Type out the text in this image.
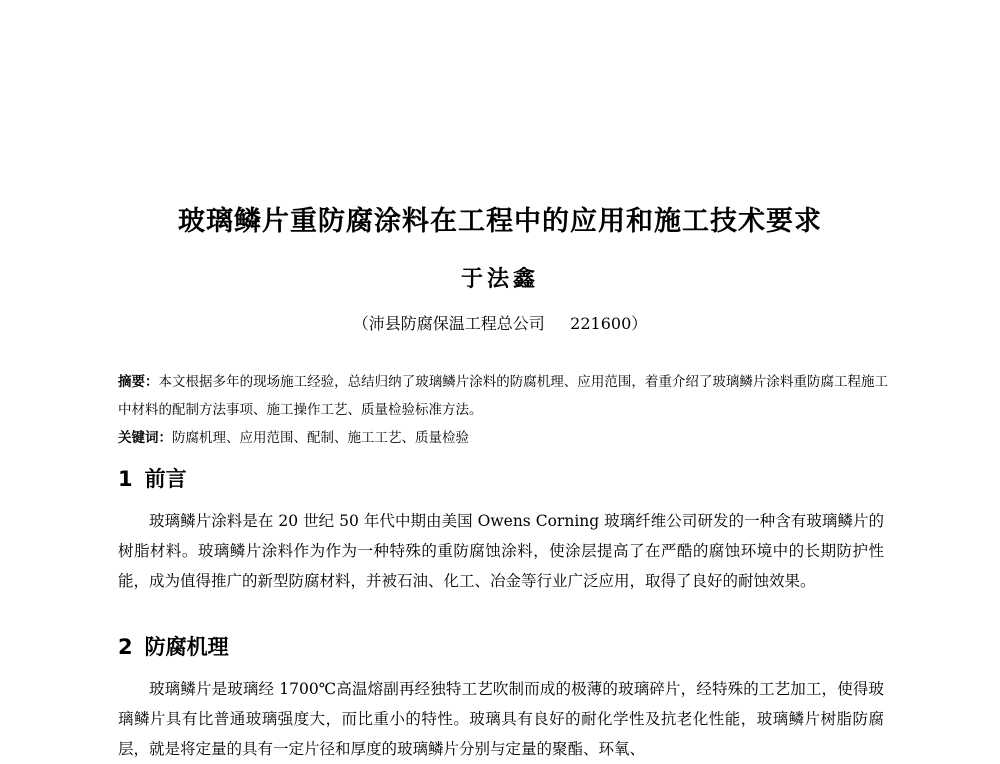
玻璃鳞片重防腐涂料在工程中的应用和施工技术要求
于法鑫
（沛县防腐保温工程总公司     221600）
摘要：本文根据多年的现场施工经验，总结归纳了玻璃鳞片涂料的防腐机理、应用范围，着重介绍了玻璃鳞片涂料重防腐工程施工中材料的配制方法事项、施工操作工艺、质量检验标准方法。
关键词：防腐机理、应用范围、配制、施工工艺、质量检验
1 前言
玻璃鳞片涂料是在 20 世纪 50 年代中期由美国 Owens Corning 玻璃纤维公司研发的一种含有玻璃鳞片的树脂材料。玻璃鳞片涂料作为作为一种特殊的重防腐蚀涂料，使涂层提高了在严酷的腐蚀环境中的长期防护性能，成为值得推广的新型防腐材料，并被石油、化工、冶金等行业广泛应用，取得了良好的耐蚀效果。
2 防腐机理
玻璃鳞片是玻璃经 1700℃高温熔副再经独特工艺吹制而成的极薄的玻璃碎片，经特殊的工艺加工，使得玻璃鳞片具有比普通玻璃强度大，而比重小的特性。玻璃具有良好的耐化学性及抗老化性能，玻璃鳞片树脂防腐层，就是将定量的具有一定片径和厚度的玻璃鳞片分别与定量的聚酯、环氧、
